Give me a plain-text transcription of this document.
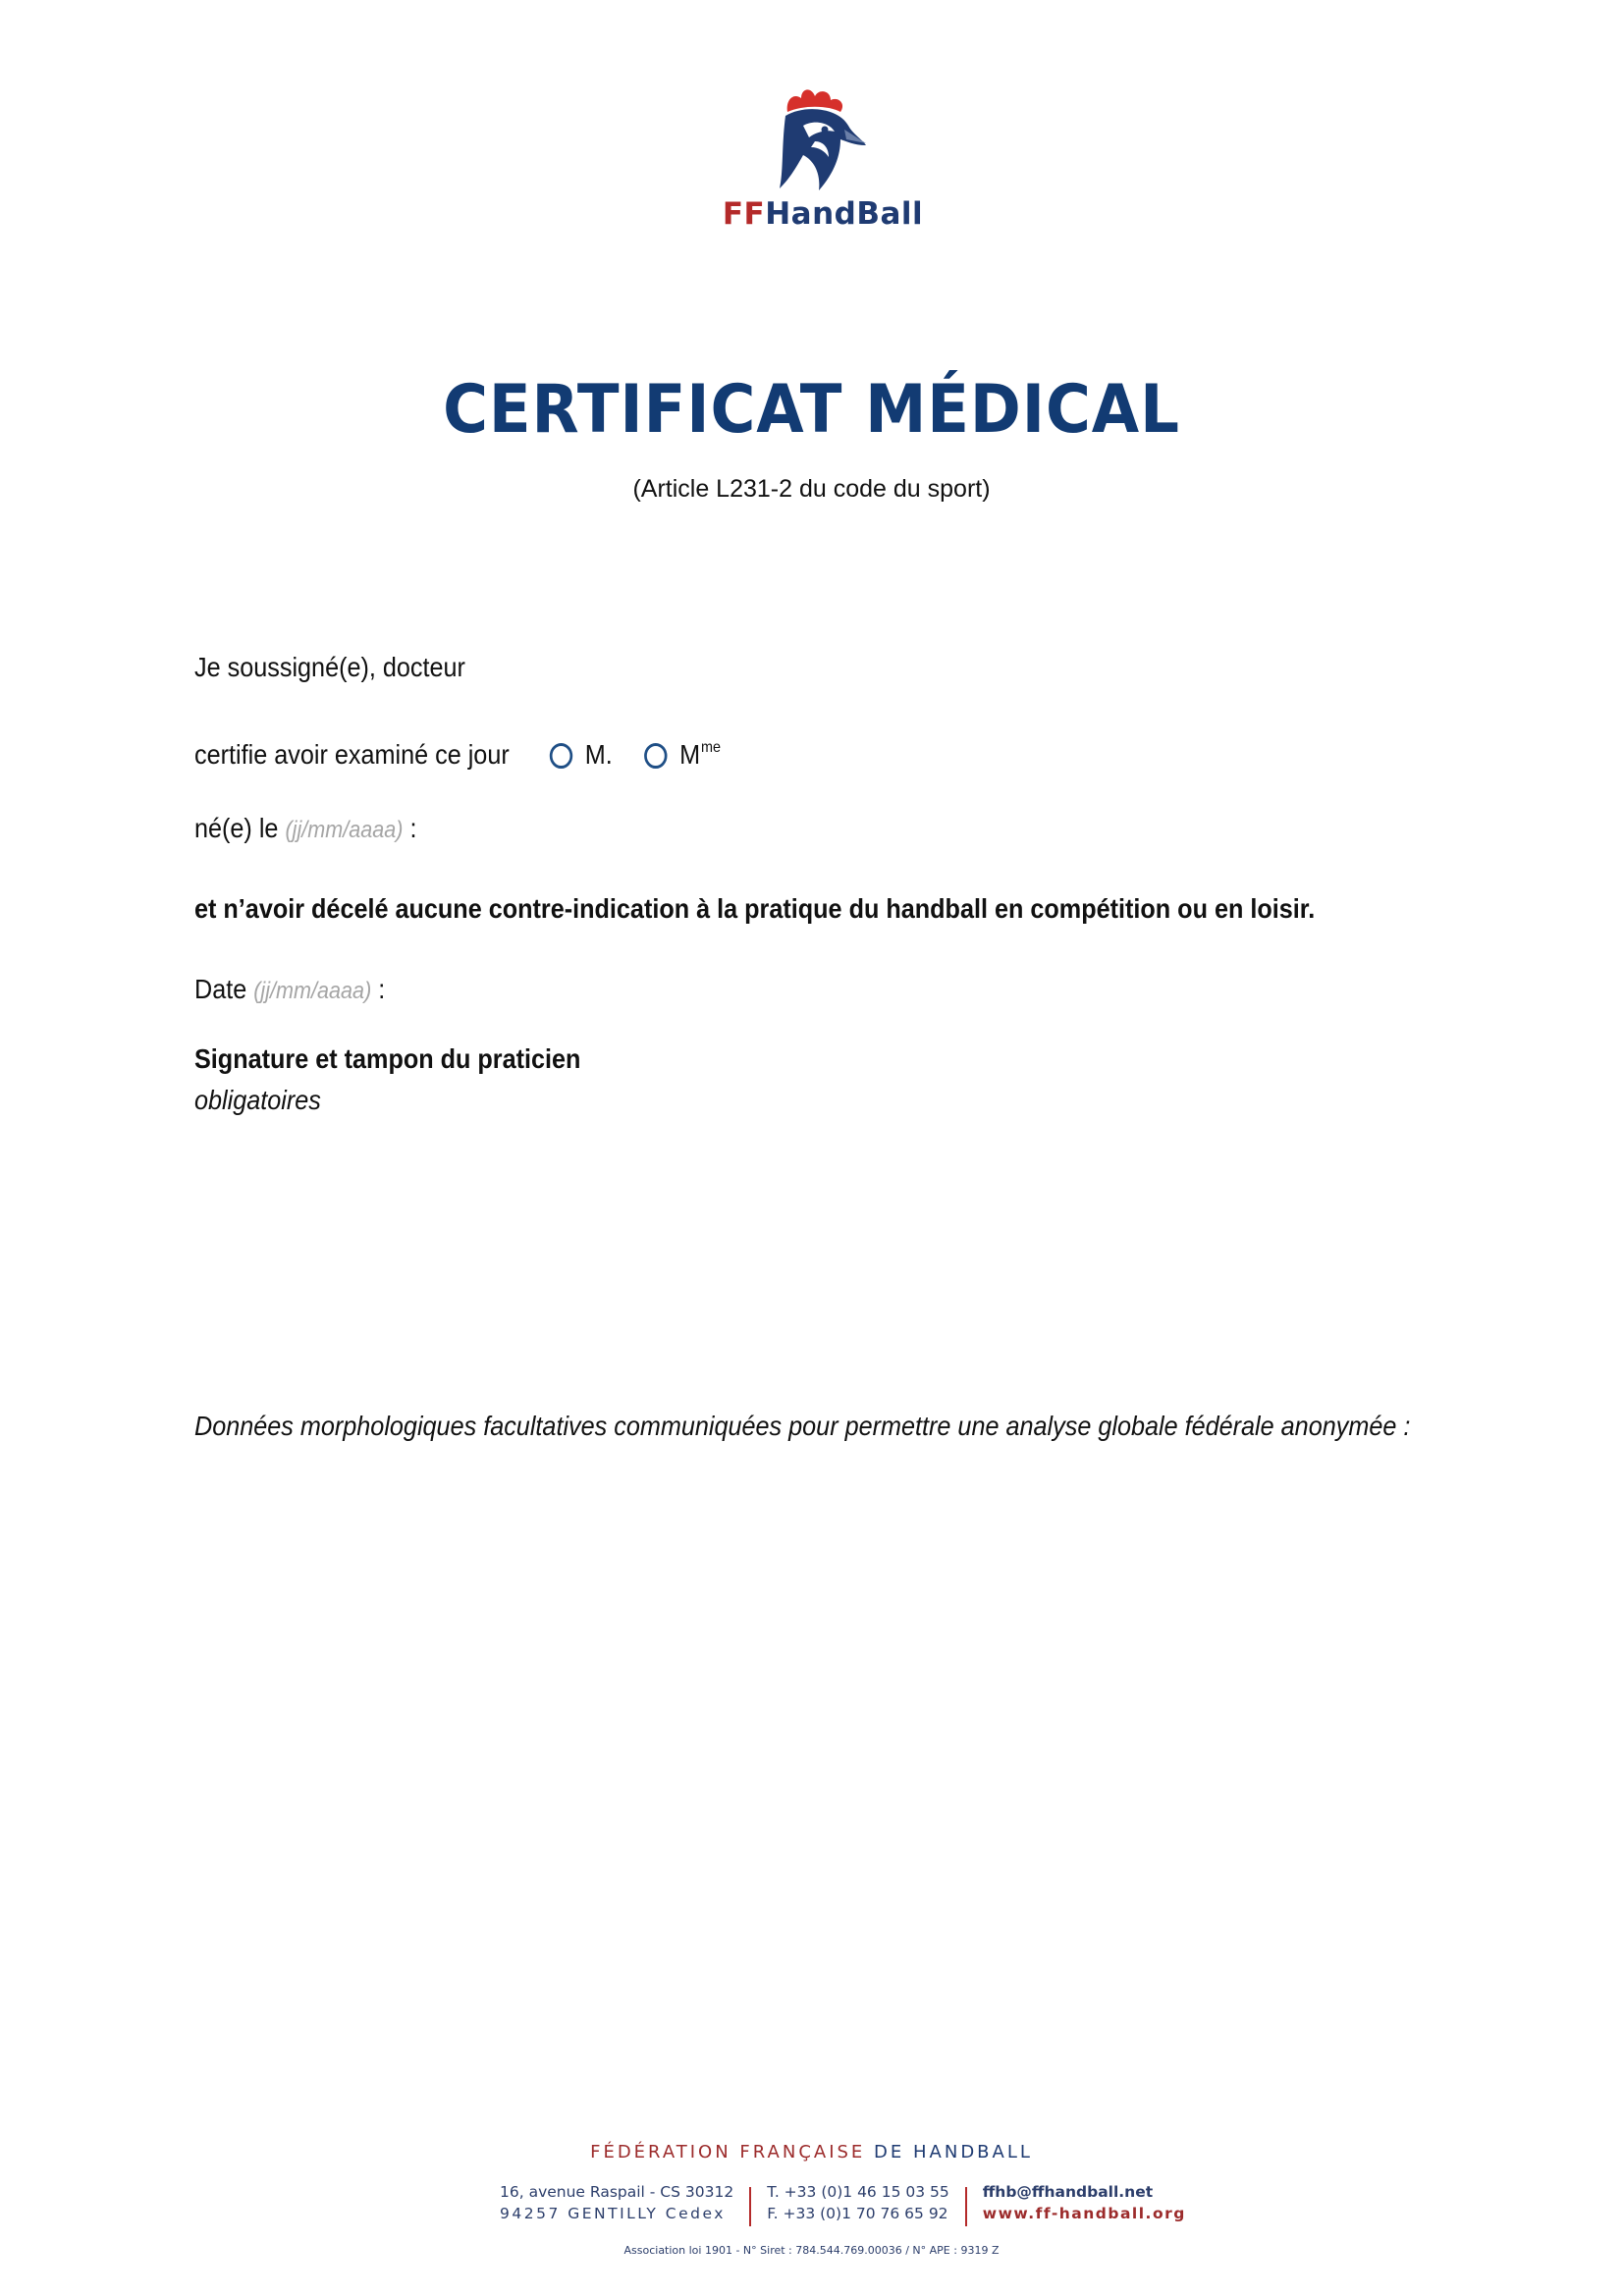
FFHandBall
CERTIFICAT MÉDICAL
(Article L231-2 du code du sport)
Je soussigné(e), docteur
certifie avoir examiné ce jour	M. $M^{me}$
né(e) le (jj/mm/aaaa) :
et n’avoir décelé aucune contre-indication à la pratique du handball en compétition ou en loisir.
Date (jj/mm/aaaa) :
Signature et tampon du praticien
obligatoires
Données morphologiques facultatives communiquées pour permettre une analyse globale fédérale anonymée :
FÉDÉRATION FRANÇAISE DE HANDBALL
16, avenue Raspail - CS 30312
94257 GENTILLY Cedex
T. +33 (0)1 46 15 03 55
F. +33 (0)1 70 76 65 92
ffhb@ffhandball.net
www.ff-handball.org
Association loi 1901 - N° Siret : 784.544.769.00036 / N° APE : 9319 Z
